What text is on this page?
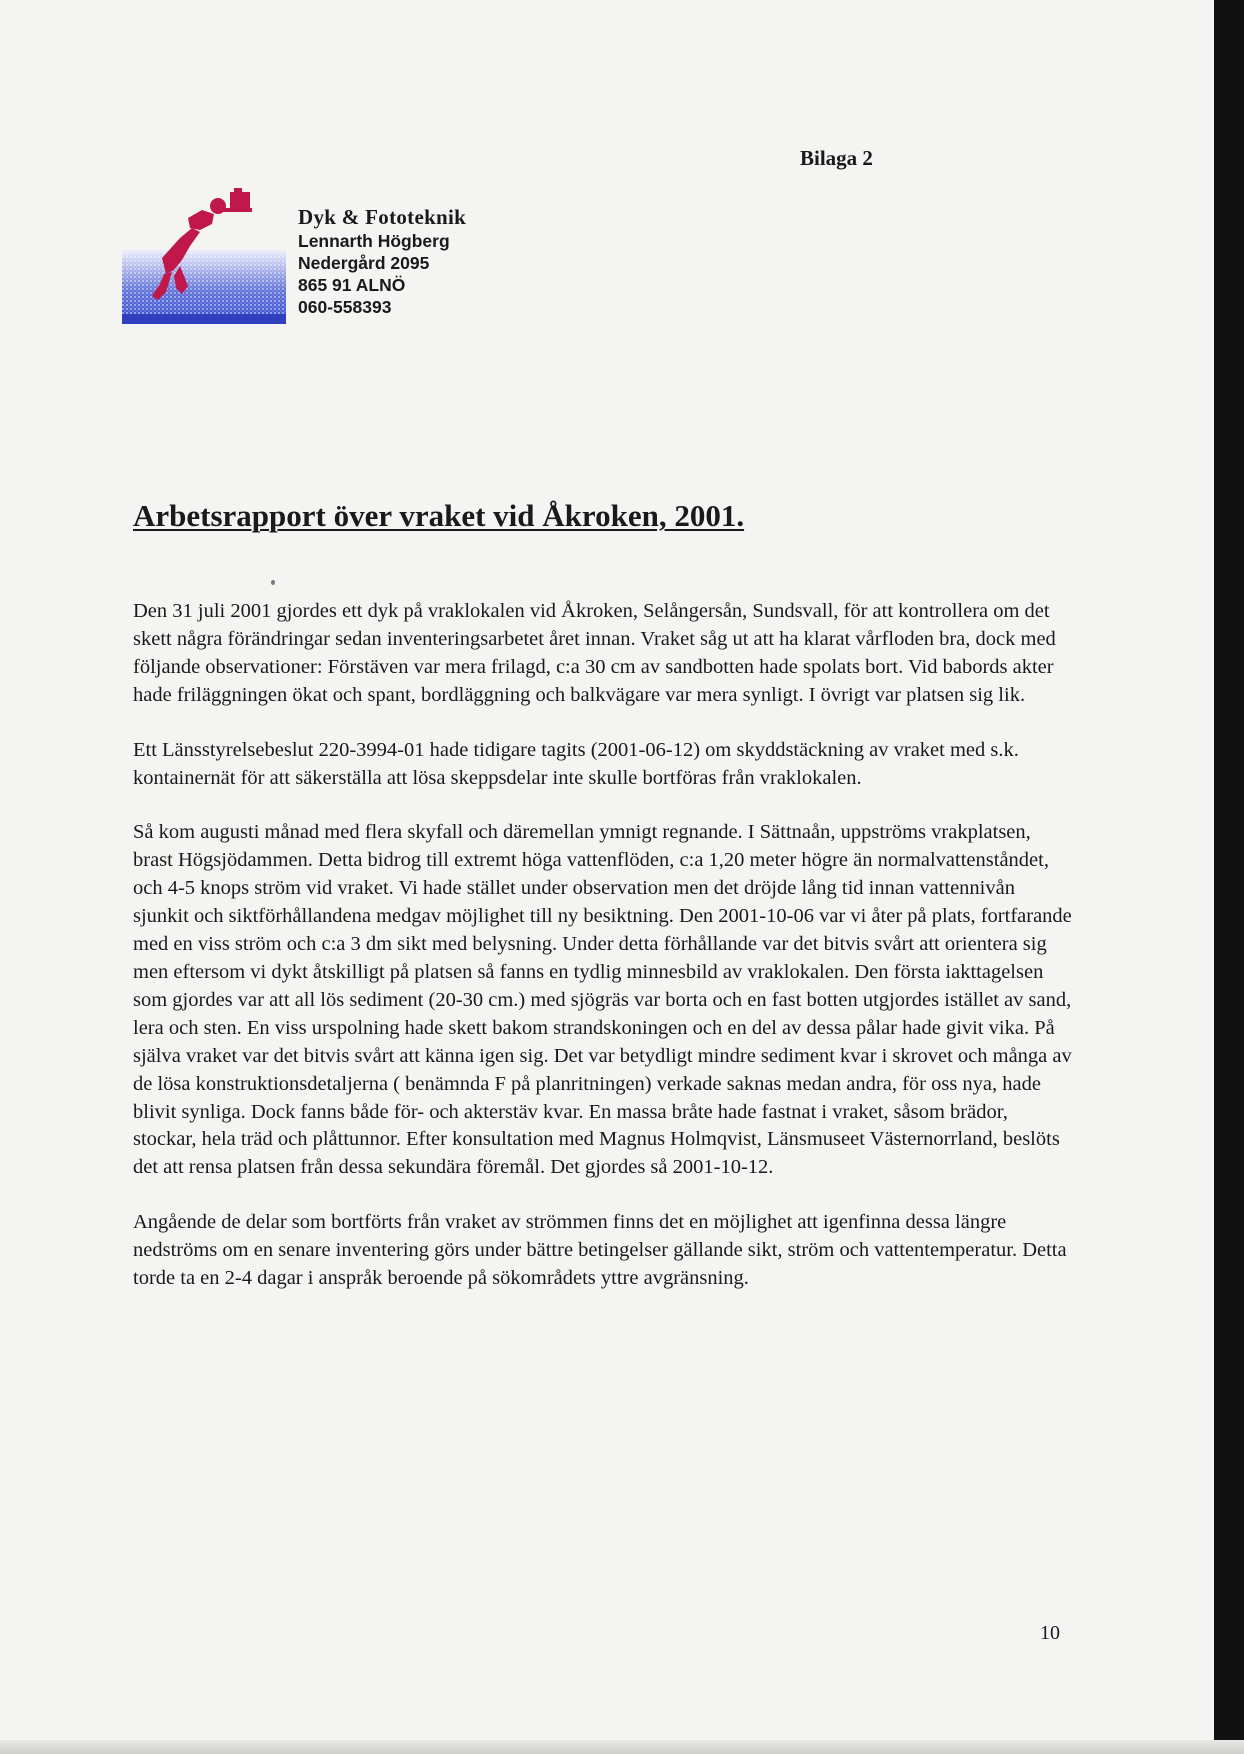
Bilaga 2
Dyk & Fototeknik
Lennarth Högberg
Nedergård 2095
865 91 ALNÖ
060-558393
Arbetsrapport över vraket vid Åkroken, 2001.

Den 31 juli 2001 gjordes ett dyk på vraklokalen vid Åkroken, Selångersån, Sundsvall, för att kontrollera om det skett några förändringar sedan inventeringsarbetet året innan. Vraket såg ut att ha klarat vårfloden bra, dock med följande observationer: Förstäven var mera frilagd, c:a 30 cm av sandbotten hade spolats bort. Vid babords akter hade friläggningen ökat och spant, bordläggning och balkvägare var mera synligt. I övrigt var platsen sig lik.

Ett Länsstyrelsebeslut 220-3994-01 hade tidigare tagits (2001-06-12) om skyddstäckning av vraket med s.k. kontainernät för att säkerställa att lösa skeppsdelar inte skulle bortföras från vraklokalen.

Så kom augusti månad med flera skyfall och däremellan ymnigt regnande. I Sättnaån, uppströms vrakplatsen, brast Högsjödammen. Detta bidrog till extremt höga vattenflöden, c:a 1,20 meter högre än normalvattenståndet, och 4-5 knops ström vid vraket. Vi hade stället under observation men det dröjde lång tid innan vattennivån sjunkit och siktförhållandena medgav möjlighet till ny besiktning. Den 2001-10-06 var vi åter på plats, fortfarande med en viss ström och c:a 3 dm sikt med belysning. Under detta förhållande var det bitvis svårt att orientera sig men eftersom vi dykt åtskilligt på platsen så fanns en tydlig minnesbild av vraklokalen. Den första iakttagelsen som gjordes var att all lös sediment (20-30 cm.) med sjögräs var borta och en fast botten utgjordes istället av sand, lera och sten. En viss urspolning hade skett bakom strandskoningen och en del av dessa pålar hade givit vika. På själva vraket var det bitvis svårt att känna igen sig. Det var betydligt mindre sediment kvar i skrovet och många av de lösa konstruktionsdetaljerna ( benämnda F på planritningen) verkade saknas medan andra, för oss nya, hade blivit synliga. Dock fanns både för- och akterstäv kvar. En massa bråte hade fastnat i vraket, såsom brädor, stockar, hela träd och plåttunnor. Efter konsultation med Magnus Holmqvist, Länsmuseet Västernorrland, beslöts det att rensa platsen från dessa sekundära föremål. Det gjordes så 2001-10-12.

Angående de delar som bortförts från vraket av strömmen finns det en möjlighet att igenfinna dessa längre nedströms om en senare inventering görs under bättre betingelser gällande sikt, ström och vattentemperatur. Detta torde ta en 2-4 dagar i anspråk beroende på sökområdets yttre avgränsning.

10
